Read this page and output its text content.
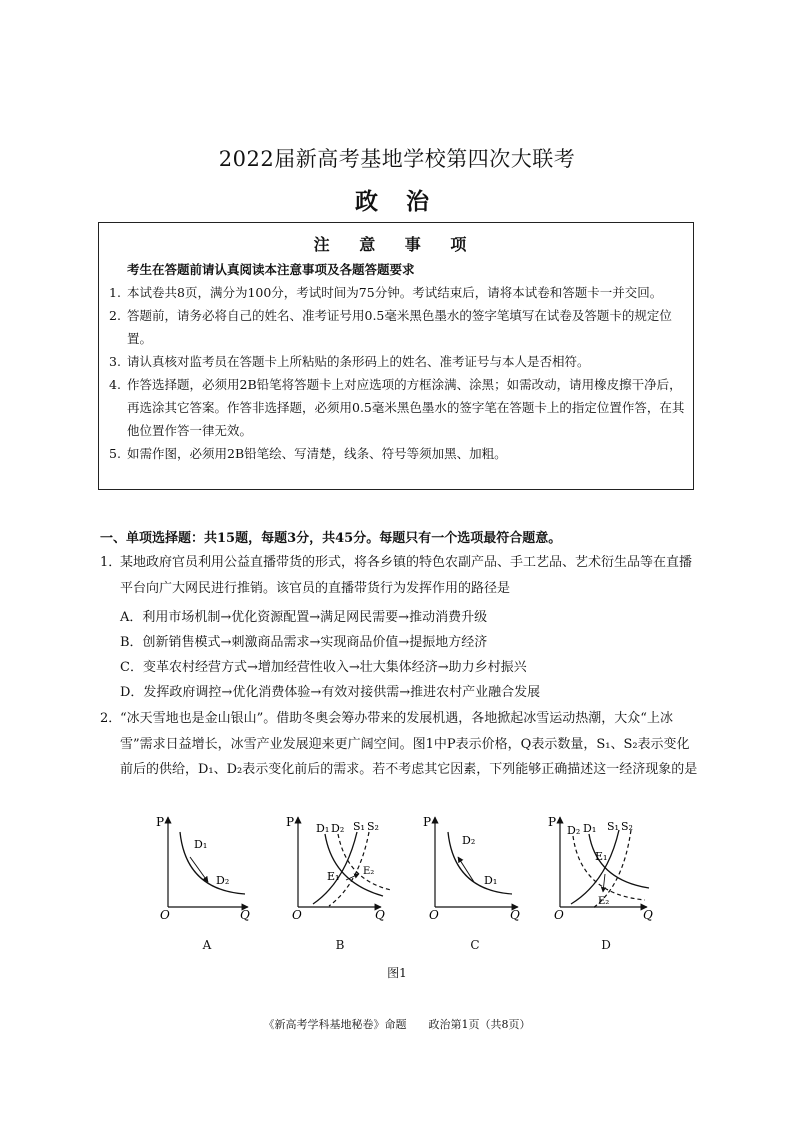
2022届新高考基地学校第四次大联考
政 治
注 意 事 项
考生在答题前请认真阅读本注意事项及各题答题要求
1. 本试卷共8页，满分为100分，考试时间为75分钟。考试结束后，请将本试卷和答题卡一并交回。
2. 答题前，请务必将自己的姓名、准考证号用0.5毫米黑色墨水的签字笔填写在试卷及答题卡的规定位置。
3. 请认真核对监考员在答题卡上所粘贴的条形码上的姓名、准考证号与本人是否相符。
4. 作答选择题，必须用2B铅笔将答题卡上对应选项的方框涂满、涂黑；如需改动，请用橡皮擦干净后，再选涂其它答案。作答非选择题，必须用0.5毫米黑色墨水的签字笔在答题卡上的指定位置作答，在其他位置作答一律无效。
5. 如需作图，必须用2B铅笔绘、写清楚，线条、符号等须加黑、加粗。
一、单项选择题：共15题，每题3分，共45分。每题只有一个选项最符合题意。
1．
某地政府官员利用公益直播带货的形式，将各乡镇的特色农副产品、手工艺品、艺术衍生品等在直播平台向广大网民进行推销。该官员的直播带货行为发挥作用的路径是
A．利用市场机制→优化资源配置→满足网民需要→推动消费升级
B．创新销售模式→刺激商品需求→实现商品价值→提振地方经济
C．变革农村经营方式→增加经营性收入→壮大集体经济→助力乡村振兴
D．发挥政府调控→优化消费体验→有效对接供需→推进农村产业融合发展
2．
“冰天雪地也是金山银山”。借助冬奥会筹办带来的发展机遇，各地掀起冰雪运动热潮，大众“上冰雪”需求日益增长，冰雪产业发展迎来更广阔空间。图1中P表示价格，Q表示数量，S₁、S₂表示变化前后的供给，D₁、D₂表示变化前后的需求。若不考虑其它因素，下列能够正确描述这一经济现象的是
P
O	Q
D₁
D₂
A
P
O	Q
D₁ D₂ S₁ S₂
E₁ E₂
B
P
O	Q
D₂
D₁
C
P
O	Q
D₂ D₁ S₁ S₂
E₁
E₂
D
图1
《新高考学科基地秘卷》命题　　政治第1页（共8页）
